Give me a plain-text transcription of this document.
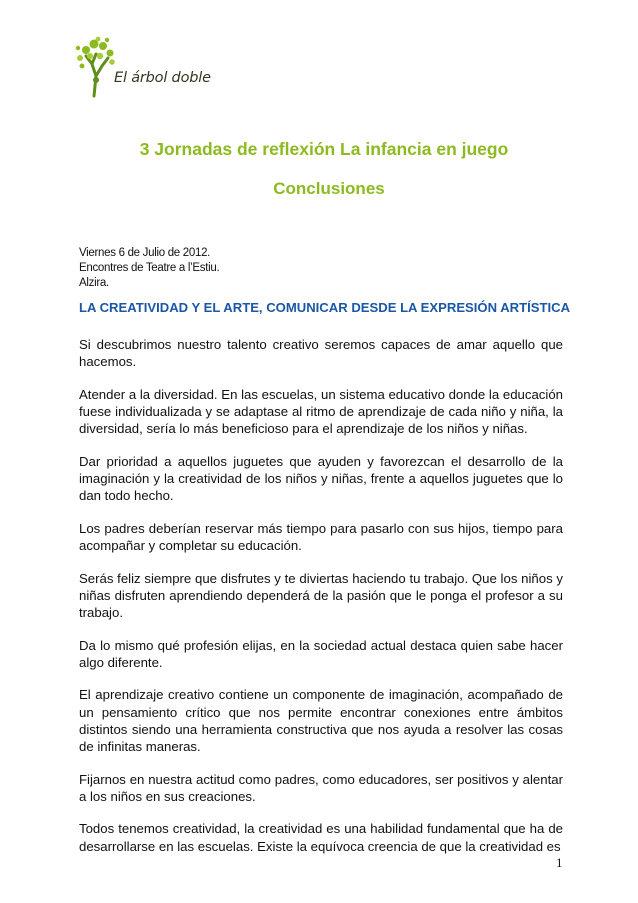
El árbol doble
3 Jornadas de reflexión La infancia en juego
Conclusiones
Viernes 6 de Julio de 2012.
Encontres de Teatre a l’Estiu.
Alzira.
LA CREATIVIDAD Y EL ARTE, COMUNICAR DESDE LA EXPRESIÓN ARTÍSTICA

Si descubrimos nuestro talento creativo seremos capaces de amar aquello que hacemos.

Atender a la diversidad. En las escuelas, un sistema educativo donde la educación fuese individualizada y se adaptase al ritmo de aprendizaje de cada niño y niña, la diversidad, sería lo más beneficioso para el aprendizaje de los niños y niñas.

Dar prioridad a aquellos juguetes que ayuden y favorezcan el desarrollo de la imaginación y la creatividad de los niños y niñas, frente a aquellos juguetes que lo dan todo hecho.

Los padres deberían reservar más tiempo para pasarlo con sus hijos, tiempo para acompañar y completar su educación.

Serás feliz siempre que disfrutes y te diviertas haciendo tu trabajo. Que los niños y niñas disfruten aprendiendo dependerá de la pasión que le ponga el profesor a su trabajo.

Da lo mismo qué profesión elijas, en la sociedad actual destaca quien sabe hacer algo diferente.

El aprendizaje creativo contiene un componente de imaginación, acompañado de un pensamiento crítico que nos permite encontrar conexiones entre ámbitos distintos siendo una herramienta constructiva que nos ayuda a resolver las cosas de infinitas maneras.

Fijarnos en nuestra actitud como padres, como educadores, ser positivos y alentar a los niños en sus creaciones.

Todos tenemos creatividad, la creatividad es una habilidad fundamental que ha de desarrollarse en las escuelas. Existe la equívoca creencia de que la creatividad es

1
